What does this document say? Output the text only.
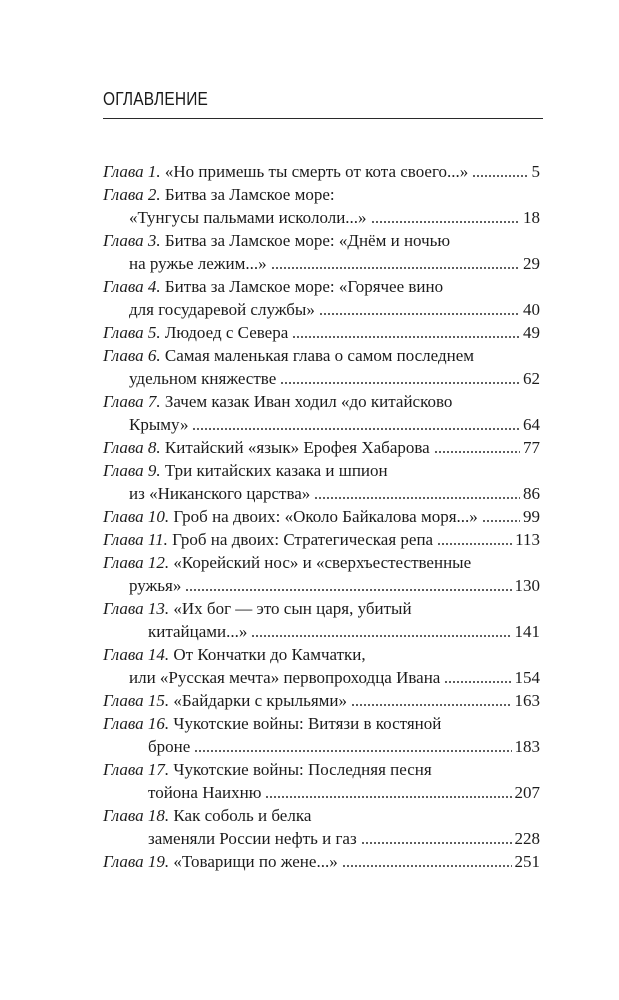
ОГЛАВЛЕНИЕ
Глава 1. «Но примешь ты смерть от кота своего...»	5
Глава 2. Битва за Ламское море:
«Тунгусы пальмами искололи...»	18
Глава 3. Битва за Ламское море: «Днём и ночью
на ружье лежим...»	29
Глава 4. Битва за Ламское море: «Горячее вино
для государевой службы»	40
Глава 5. Людоед с Севера	49
Глава 6. Самая маленькая глава о самом последнем
удельном княжестве	62
Глава 7. Зачем казак Иван ходил «до китайсково
Крыму»	64
Глава 8. Китайский «язык» Ерофея Хабарова	77
Глава 9. Три китайских казака и шпион
из «Никанского царства»	86
Глава 10. Гроб на двоих: «Около Байкалова моря...»	99
Глава 11. Гроб на двоих: Стратегическая репа	113
Глава 12. «Корейский нос» и «сверхъестественные
ружья»	130
Глава 13. «Их бог — это сын царя, убитый
китайцами...»	141
Глава 14. От Кончатки до Камчатки,
или «Русская мечта» первопроходца Ивана	154
Глава 15. «Байдарки с крыльями»	163
Глава 16. Чукотские войны: Витязи в костяной
броне	183
Глава 17. Чукотские войны: Последняя песня
тойона Наихню	207
Глава 18. Как соболь и белка
заменяли России нефть и газ	228
Глава 19. «Товарищи по жене...»	251
